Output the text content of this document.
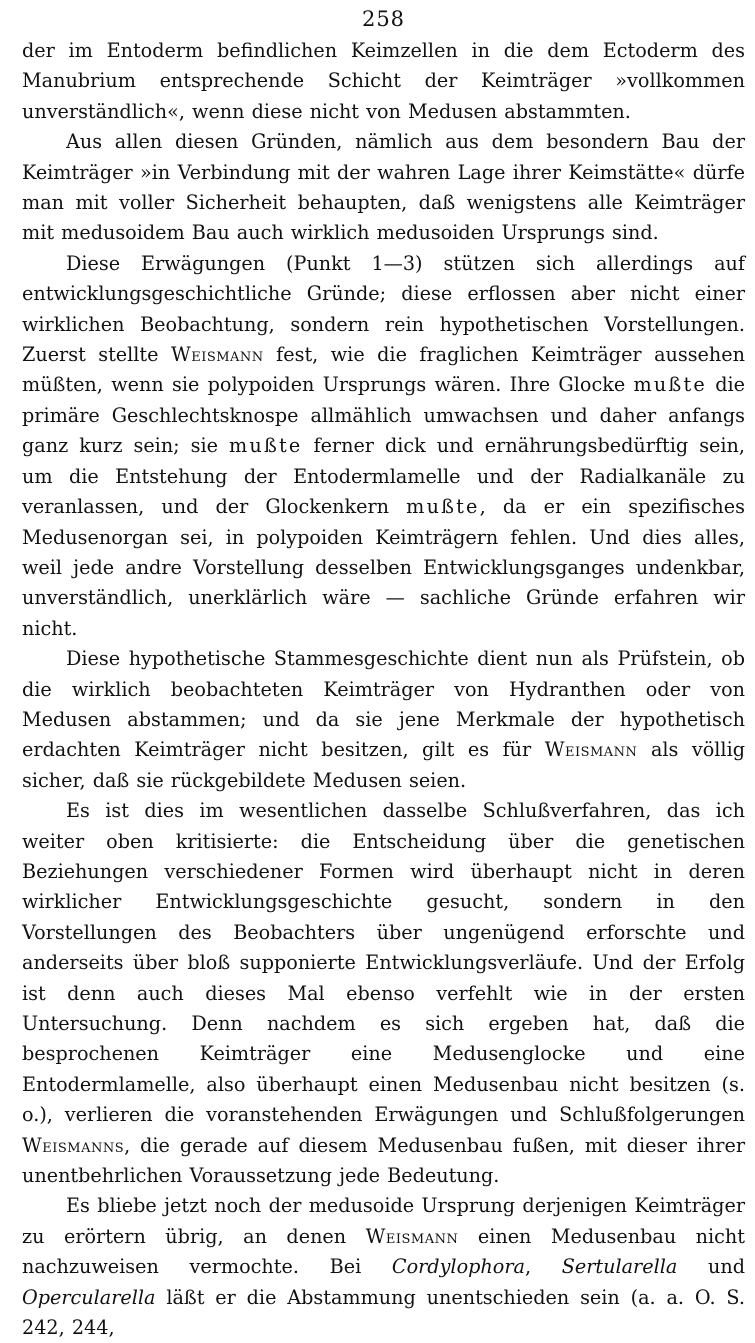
258

der im Entoderm befindlichen Keimzellen in die dem Ectoderm des Manubrium entsprechende Schicht der Keimträger »vollkommen unverständlich«, wenn diese nicht von Medusen abstammten.

Aus allen diesen Gründen, nämlich aus dem besondern Bau der Keimträger »in Verbindung mit der wahren Lage ihrer Keimstätte« dürfe man mit voller Sicherheit behaupten, daß wenigstens alle Keimträger mit medusoidem Bau auch wirklich medusoiden Ursprungs sind.

Diese Erwägungen (Punkt 1—3) stützen sich allerdings auf entwicklungsgeschichtliche Gründe; diese erflossen aber nicht einer wirklichen Beobachtung, sondern rein hypothetischen Vorstellungen. Zuerst stellte Weismann fest, wie die fraglichen Keimträger aussehen müßten, wenn sie polypoiden Ursprungs wären. Ihre Glocke mußte die primäre Geschlechtsknospe allmählich umwachsen und daher anfangs ganz kurz sein; sie mußte ferner dick und ernährungsbedürftig sein, um die Entstehung der Entodermlamelle und der Radialkanäle zu veranlassen, und der Glockenkern mußte, da er ein spezifisches Medusenorgan sei, in polypoiden Keimträgern fehlen. Und dies alles, weil jede andre Vorstellung desselben Entwicklungsganges undenkbar, unverständlich, unerklärlich wäre — sachliche Gründe erfahren wir nicht.

Diese hypothetische Stammesgeschichte dient nun als Prüfstein, ob die wirklich beobachteten Keimträger von Hydranthen oder von Medusen abstammen; und da sie jene Merkmale der hypothetisch erdachten Keimträger nicht besitzen, gilt es für Weismann als völlig sicher, daß sie rückgebildete Medusen seien.

Es ist dies im wesentlichen dasselbe Schlußverfahren, das ich weiter oben kritisierte: die Entscheidung über die genetischen Beziehungen verschiedener Formen wird überhaupt nicht in deren wirklicher Entwicklungsgeschichte gesucht, sondern in den Vorstellungen des Beobachters über ungenügend erforschte und anderseits über bloß supponierte Entwicklungsverläufe. Und der Erfolg ist denn auch dieses Mal ebenso verfehlt wie in der ersten Untersuchung. Denn nachdem es sich ergeben hat, daß die besprochenen Keimträger eine Medusenglocke und eine Entodermlamelle, also überhaupt einen Medusenbau nicht besitzen (s. o.), verlieren die voranstehenden Erwägungen und Schlußfolgerungen Weismanns, die gerade auf diesem Medusenbau fußen, mit dieser ihrer unentbehrlichen Voraussetzung jede Bedeutung.

Es bliebe jetzt noch der medusoide Ursprung derjenigen Keimträger zu erörtern übrig, an denen Weismann einen Medusenbau nicht nachzuweisen vermochte. Bei Cordylophora, Sertularella und Opercularella läßt er die Abstammung unentschieden sein (a. a. O. S. 242, 244,
